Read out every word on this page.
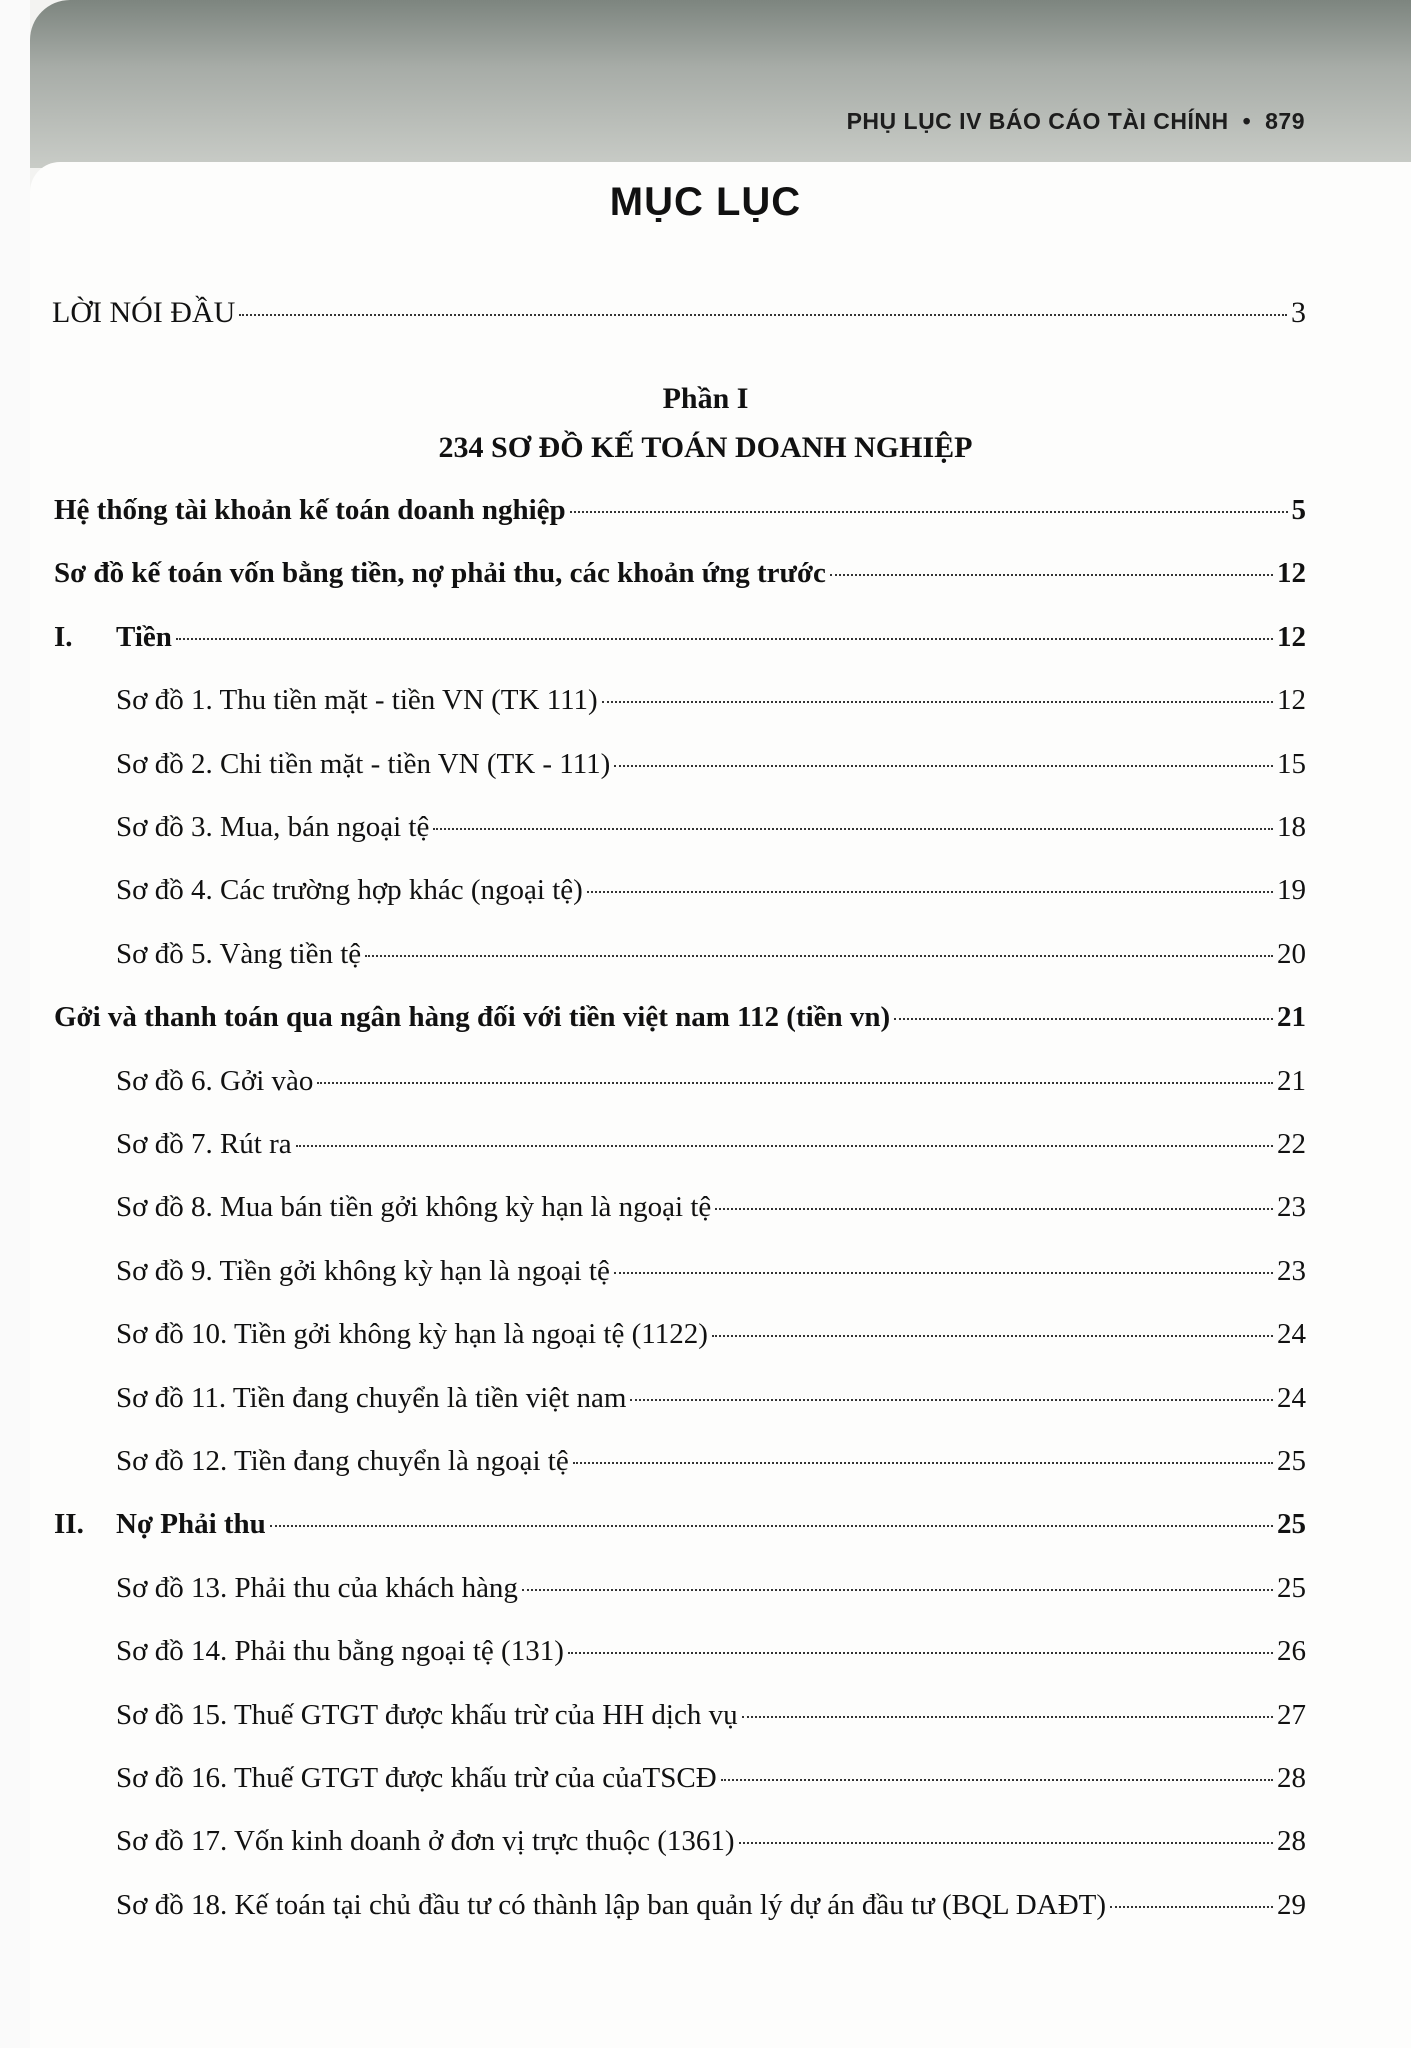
PHỤ LỤC IV BÁO CÁO TÀI CHÍNH • 879
MỤC LỤC
LỜI NÓI ĐẦU	3
Phần I
234 SƠ ĐỒ KẾ TOÁN DOANH NGHIỆP
Hệ thống tài khoản kế toán doanh nghiệp	5
Sơ đồ kế toán vốn bằng tiền, nợ phải thu, các khoản ứng trước	12
I.	Tiền	12
Sơ đồ 1. Thu tiền mặt - tiền VN (TK 111)	12
Sơ đồ 2. Chi tiền mặt - tiền VN (TK - 111)	15
Sơ đồ 3. Mua, bán ngoại tệ	18
Sơ đồ 4. Các trường hợp khác (ngoại tệ)	19
Sơ đồ 5. Vàng tiền tệ	20
Gởi và thanh toán qua ngân hàng đối với tiền việt nam 112 (tiền vn)	21
Sơ đồ 6. Gởi vào	21
Sơ đồ 7. Rút ra	22
Sơ đồ 8. Mua bán tiền gởi không kỳ hạn là ngoại tệ	23
Sơ đồ 9. Tiền gởi không kỳ hạn là ngoại tệ	23
Sơ đồ 10. Tiền gởi không kỳ hạn là ngoại tệ (1122)	24
Sơ đồ 11. Tiền đang chuyển là tiền việt nam	24
Sơ đồ 12. Tiền đang chuyển là ngoại tệ	25
II.	Nợ Phải thu	25
Sơ đồ 13. Phải thu của khách hàng	25
Sơ đồ 14. Phải thu bằng ngoại tệ (131)	26
Sơ đồ 15. Thuế GTGT được khấu trừ của HH dịch vụ	27
Sơ đồ 16. Thuế GTGT được khấu trừ của củaTSCĐ	28
Sơ đồ 17. Vốn kinh doanh ở đơn vị trực thuộc (1361)	28
Sơ đồ 18. Kế toán tại chủ đầu tư có thành lập ban quản lý dự án đầu tư (BQL DAĐT)	29
